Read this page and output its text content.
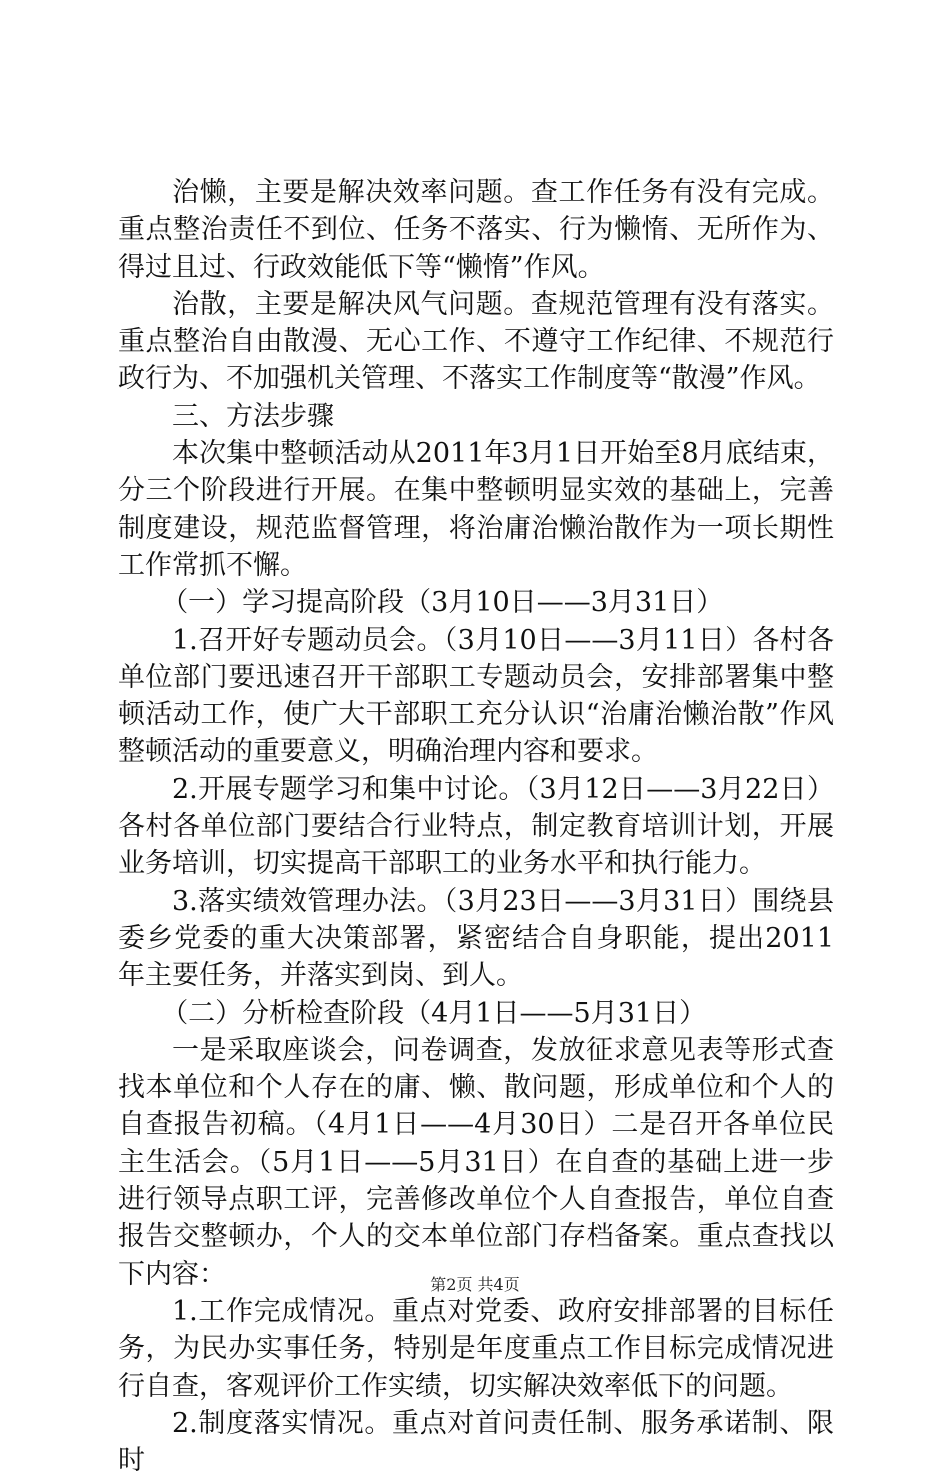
治懒，主要是解决效率问题。查工作任务有没有完成。重点整治责任不到位、任务不落实、行为懒惰、无所作为、得过且过、行政效能低下等“懒惰”作风。

治散，主要是解决风气问题。查规范管理有没有落实。重点整治自由散漫、无心工作、不遵守工作纪律、不规范行政行为、不加强机关管理、不落实工作制度等“散漫”作风。

三、方法步骤

本次集中整顿活动从2011年3月1日开始至8月底结束，分三个阶段进行开展。在集中整顿明显实效的基础上，完善制度建设，规范监督管理，将治庸治懒治散作为一项长期性工作常抓不懈。

（一）学习提高阶段（3月10日——3月31日）

1.召开好专题动员会。（3月10日——3月11日）各村各单位部门要迅速召开干部职工专题动员会，安排部署集中整顿活动工作，使广大干部职工充分认识“治庸治懒治散”作风整顿活动的重要意义，明确治理内容和要求。

2.开展专题学习和集中讨论。（3月12日——3月22日）各村各单位部门要结合行业特点，制定教育培训计划，开展业务培训，切实提高干部职工的业务水平和执行能力。

3.落实绩效管理办法。（3月23日——3月31日）围绕县委乡党委的重大决策部署，紧密结合自身职能，提出2011年主要任务，并落实到岗、到人。

（二）分析检查阶段（4月1日——5月31日）

一是采取座谈会，问卷调查，发放征求意见表等形式查找本单位和个人存在的庸、懒、散问题，形成单位和个人的自查报告初稿。（4月1日——4月30日）二是召开各单位民主生活会。（5月1日——5月31日）在自查的基础上进一步进行领导点职工评，完善修改单位个人自查报告，单位自查报告交整顿办，个人的交本单位部门存档备案。重点查找以下内容：

1.工作完成情况。重点对党委、政府安排部署的目标任务，为民办实事任务，特别是年度重点工作目标完成情况进行自查，客观评价工作实绩，切实解决效率低下的问题。

2.制度落实情况。重点对首问责任制、服务承诺制、限时

第2页 共4页
